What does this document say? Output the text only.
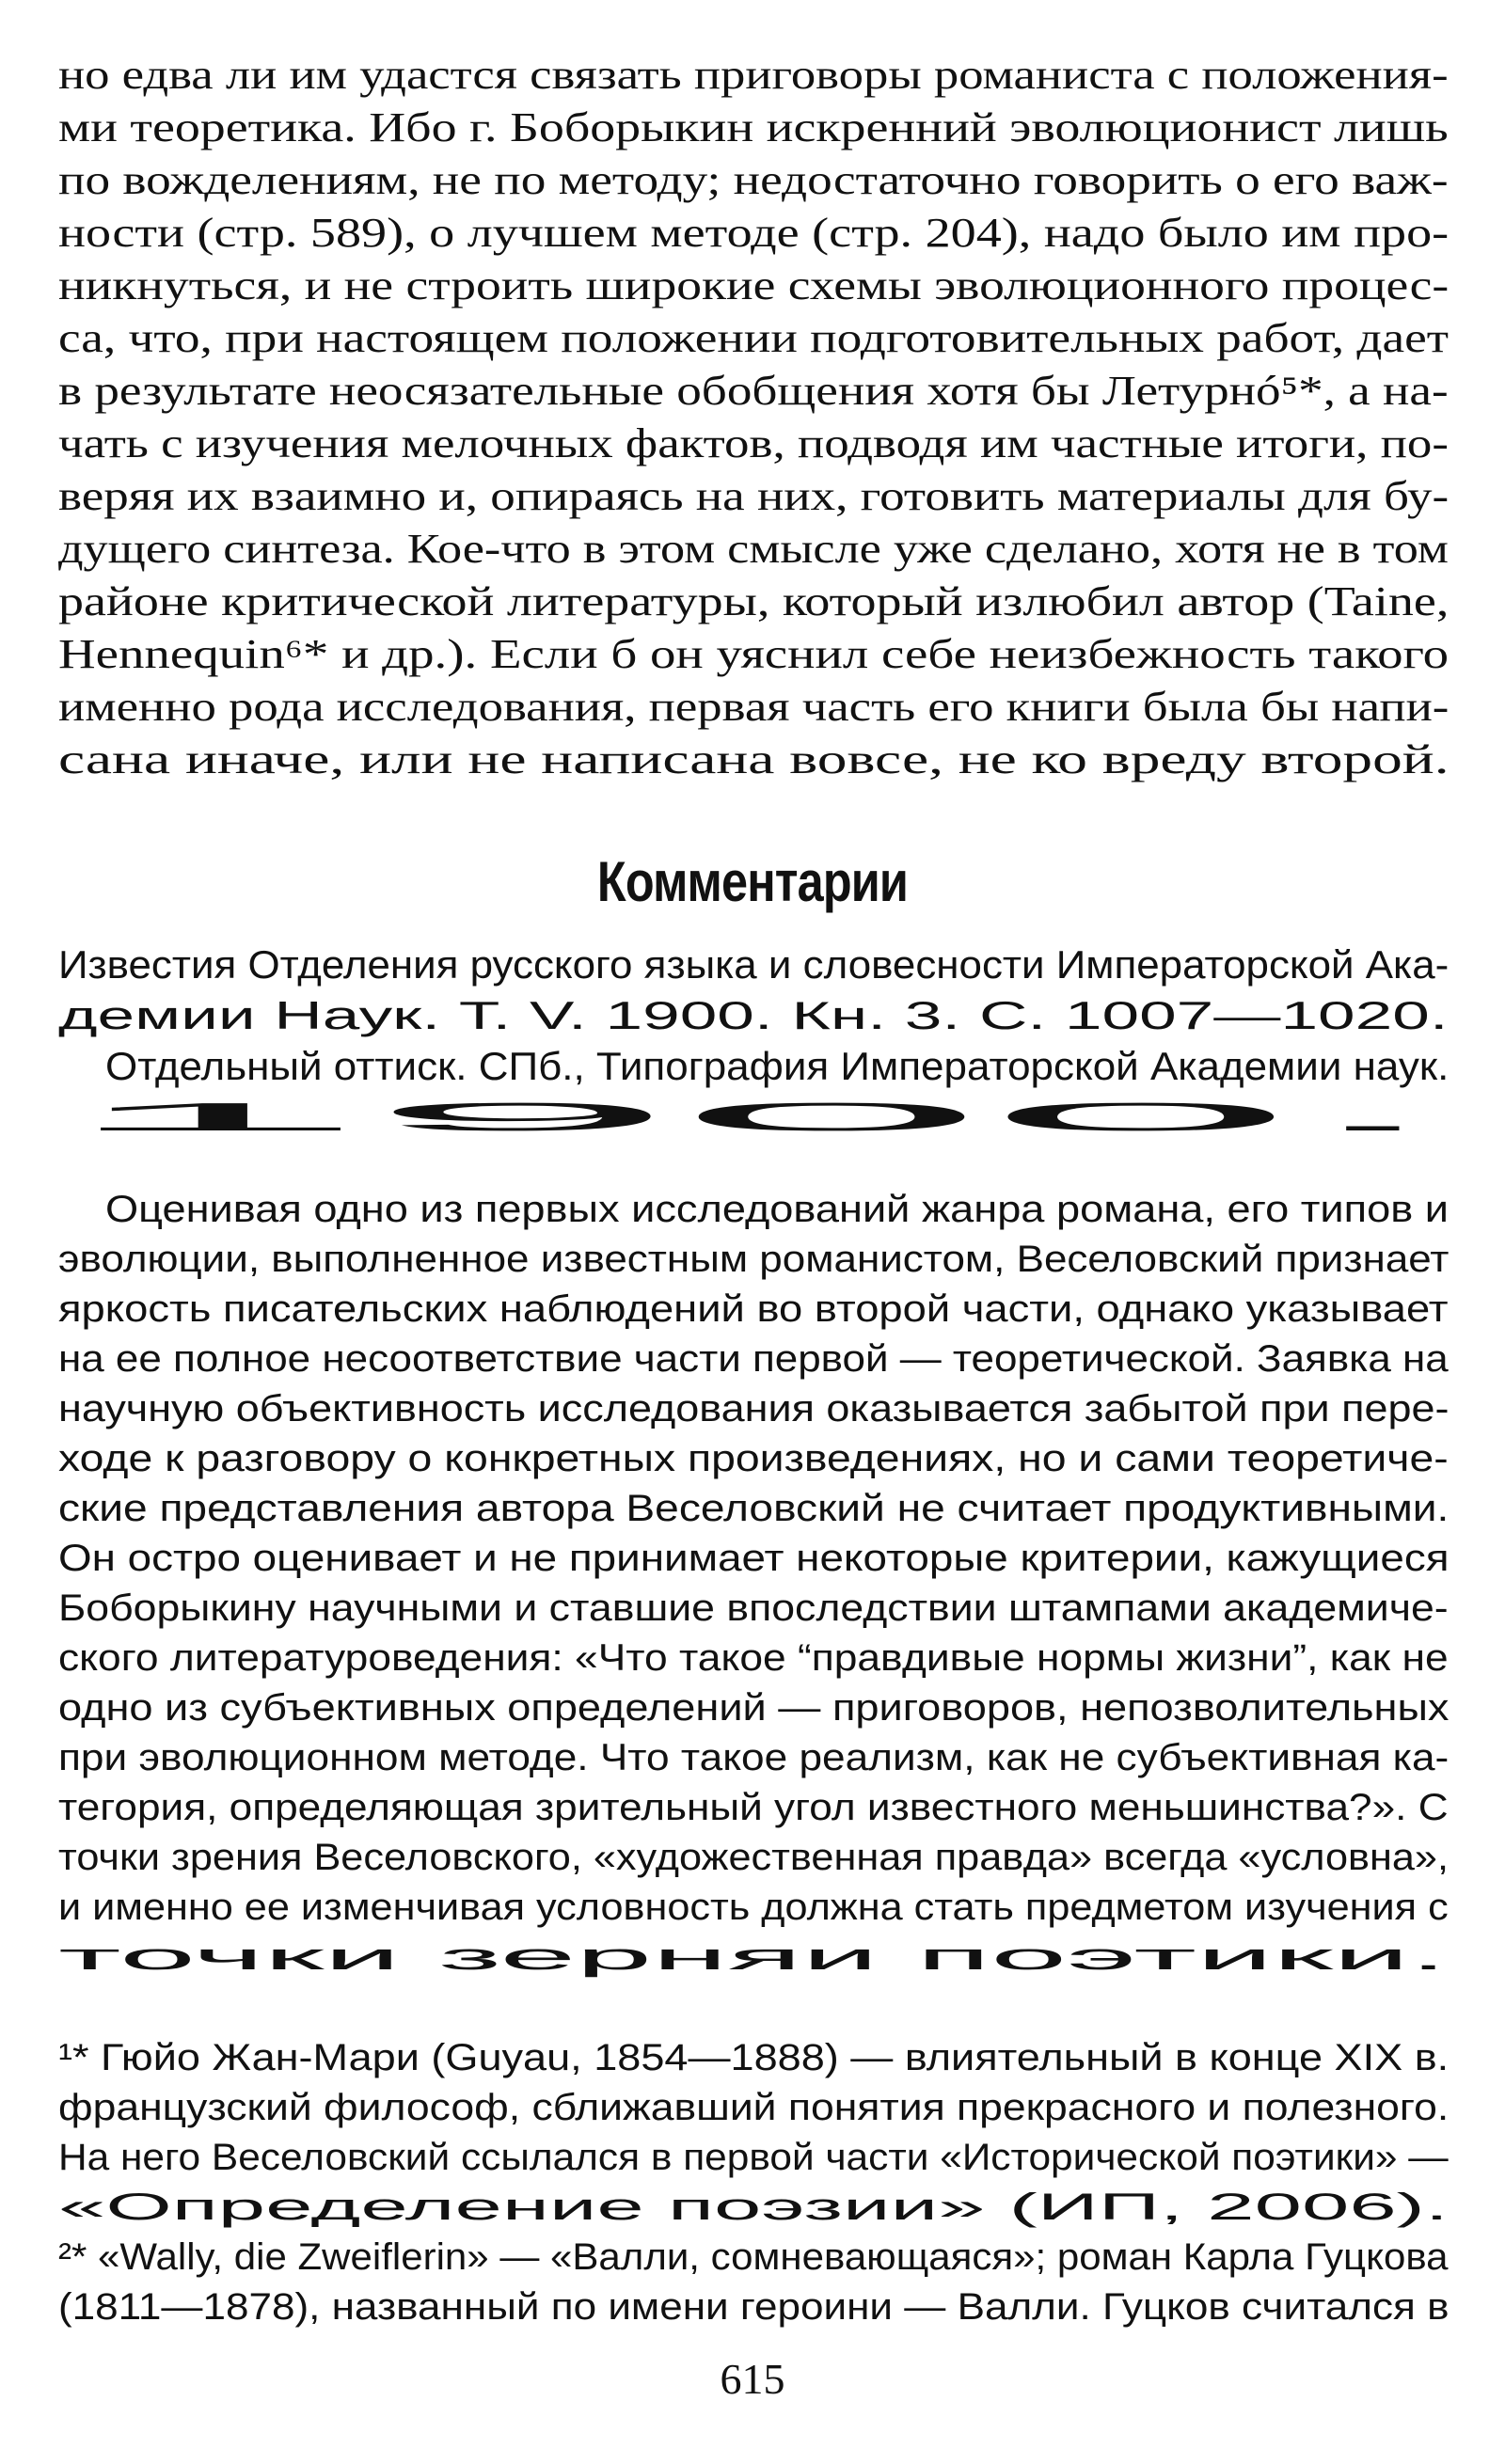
но едва ли им удастся связать приговоры романиста с положения-
ми теоретика. Ибо г. Боборыкин искренний эволюционист лишь
по вожделениям, не по методу; недостаточно говорить о его важ-
ности (стр. 589), о лучшем методе (стр. 204), надо было им про-
никнуться, и не строить широкие схемы эволюционного процес-
са, что, при настоящем положении подготовительных работ, дает
в результате неосязательные обобщения хотя бы Летурнó⁵*, а на-
чать с изучения мелочных фактов, подводя им частные итоги, по-
веряя их взаимно и, опираясь на них, готовить материалы для бу-
дущего синтеза. Кое-что в этом смысле уже сделано, хотя не в том
районе критической литературы, который излюбил автор (Taine,
Hennequin⁶* и др.). Если б он уяснил себе неизбежность такого
именно рода исследования, первая часть его книги была бы напи-
сана иначе, или не написана вовсе, не ко вреду второй.
Комментарии
Известия Отделения русского языка и словесности Императорской Ака-
демии Наук. Т. V. 1900. Кн. 3. С. 1007—1020.
Отдельный оттиск. СПб., Типография Императорской Академии наук.
1900.
Оценивая одно из первых исследований жанра романа, его типов и
эволюции, выполненное известным романистом, Веселовский признает
яркость писательских наблюдений во второй части, однако указывает
на ее полное несоответствие части первой — теоретической. Заявка на
научную объективность исследования оказывается забытой при пере-
ходе к разговору о конкретных произведениях, но и сами теоретиче-
ские представления автора Веселовский не считает продуктивными.
Он остро оценивает и не принимает некоторые критерии, кажущиеся
Боборыкину научными и ставшие впоследствии штампами академиче-
ского литературоведения: «Что такое “правдивые нормы жизни”, как не
одно из субъективных определений — приговоров, непозволительных
при эволюционном методе. Что такое реализм, как не субъективная ка-
тегория, определяющая зрительный угол известного меньшинства?». С
точки зрения Веселовского, «художественная правда» всегда «условна»,
и именно ее изменчивая условность должна стать предметом изучения с
точки зерняи поэтики.
¹* Гюйо Жан-Мари (Guyau, 1854—1888) — влиятельный в конце XIX в.
французский философ, сближавший понятия прекрасного и полезного.
На него Веселовский ссылался в первой части «Исторической поэтики» —
«Определение поэзии» (ИП, 2006).
²* «Wally, die Zweiflerin» — «Валли, сомневающаяся»; роман Карла Гуцкова
(1811—1878), названный по имени героини — Валли. Гуцков считался в
615
